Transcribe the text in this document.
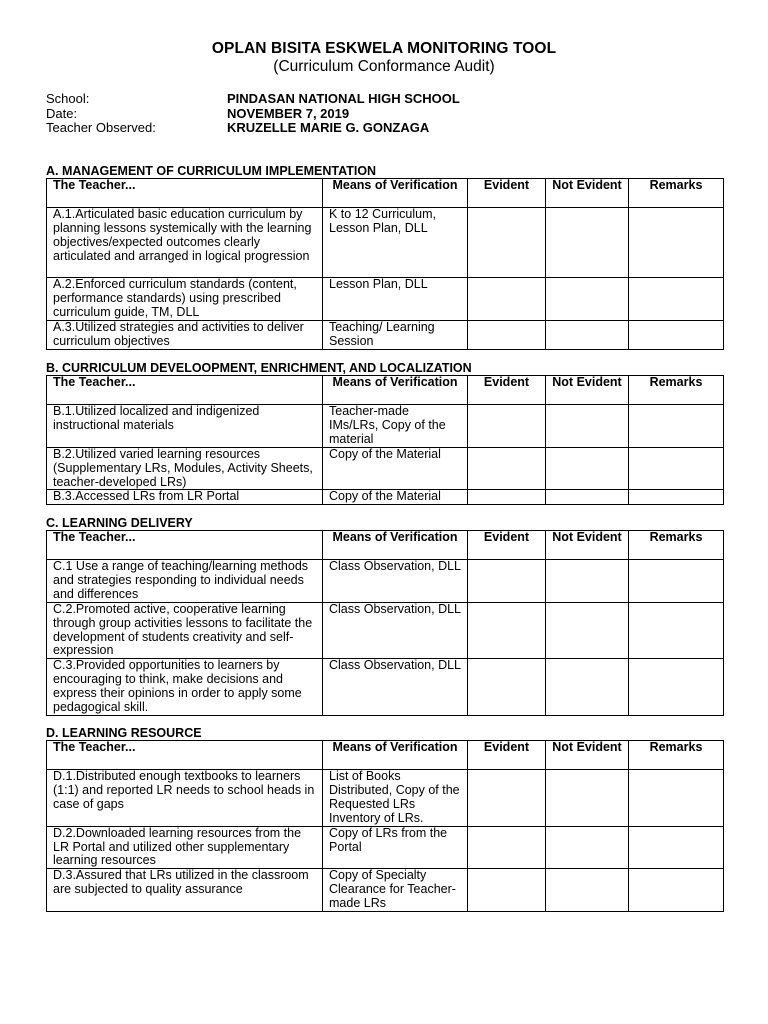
OPLAN BISITA ESKWELA MONITORING TOOL
(Curriculum Conformance Audit)
School:	PINDASAN NATIONAL HIGH SCHOOL
Date:	NOVEMBER 7, 2019
Teacher Observed:	KRUZELLE MARIE G. GONZAGA
A. MANAGEMENT OF CURRICULUM IMPLEMENTATION
The Teacher...	Means of Verification	Evident	Not Evident	Remarks
A.1.Articulated basic education curriculum by planning lessons systemically with the learning objectives/expected outcomes clearly articulated and arranged in logical progression	K to 12 Curriculum, Lesson Plan, DLL			
A.2.Enforced curriculum standards (content, performance standards) using prescribed curriculum guide, TM, DLL	Lesson Plan, DLL			
A.3.Utilized strategies and activities to deliver curriculum objectives	Teaching/ Learning Session			
B. CURRICULUM DEVELOOPMENT, ENRICHMENT, AND LOCALIZATION
The Teacher...	Means of Verification	Evident	Not Evident	Remarks
B.1.Utilized localized and indigenized instructional materials	Teacher-made IMs/LRs, Copy of the material			
B.2.Utilized varied learning resources (Supplementary LRs, Modules, Activity Sheets, teacher-developed LRs)	Copy of the Material			
B.3.Accessed LRs from LR Portal	Copy of the Material			
C. LEARNING DELIVERY
The Teacher...	Means of Verification	Evident	Not Evident	Remarks
C.1 Use a range of teaching/learning methods and strategies responding to individual needs and differences	Class Observation, DLL			
C.2.Promoted active, cooperative learning through group activities lessons to facilitate the development of students creativity and self-expression	Class Observation, DLL			
C.3.Provided opportunities to learners by encouraging to think, make decisions and express their opinions in order to apply some pedagogical skill.	Class Observation, DLL			
D. LEARNING RESOURCE
The Teacher...	Means of Verification	Evident	Not Evident	Remarks
D.1.Distributed enough textbooks to learners (1:1) and reported LR needs to school heads in case of gaps	List of Books Distributed, Copy of the Requested LRs Inventory of LRs.			
D.2.Downloaded learning resources from the LR Portal and utilized other supplementary learning resources	Copy of LRs from the Portal			
D.3.Assured that LRs utilized in the classroom are subjected to quality assurance	Copy of Specialty Clearance for Teacher-made LRs			
